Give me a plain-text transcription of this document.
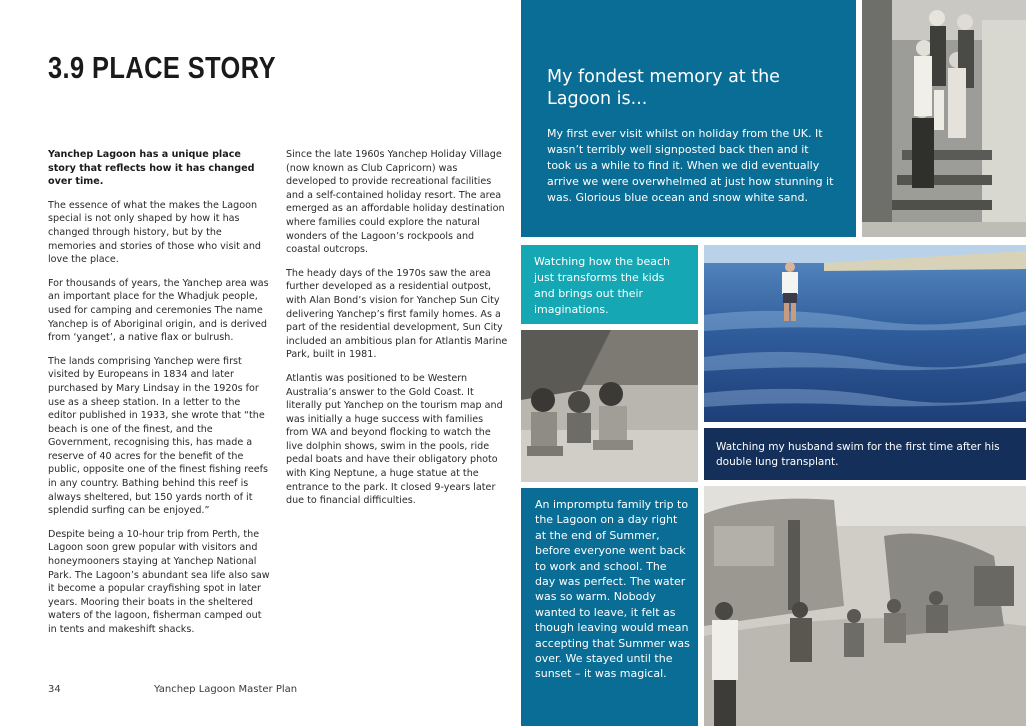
3.9 PLACE STORY

Yanchep Lagoon has a unique place story that reflects how it has changed over time.

The essence of what the makes the Lagoon special is not only shaped by how it has changed through history, but by the memories and stories of those who visit and love the place.

For thousands of years, the Yanchep area was an important place for the Whadjuk people, used for camping and ceremonies The name Yanchep is of Aboriginal origin, and is derived from ‘yanget’, a native flax or bulrush.

The lands comprising Yanchep were first visited by Europeans in 1834 and later purchased by Mary Lindsay in the 1920s for use as a sheep station. In a letter to the editor published in 1933, she wrote that “the beach is one of the finest, and the Government, recognising this, has made a reserve of 40 acres for the benefit of the public, opposite one of the finest fishing reefs in any country. Bathing behind this reef is always sheltered, but 150 yards north of it splendid surfing can be enjoyed.”

Despite being a 10-hour trip from Perth, the Lagoon soon grew popular with visitors and honeymooners staying at Yanchep National Park. The Lagoon’s abundant sea life also saw it become a popular crayfishing spot in later years. Mooring their boats in the sheltered waters of the lagoon, fisherman camped out in tents and makeshift shacks.

Since the late 1960s Yanchep Holiday Village (now known as Club Capricorn) was developed to provide recreational facilities and a self-contained holiday resort. The area emerged as an affordable holiday destination where families could explore the natural wonders of the Lagoon’s rockpools and coastal outcrops.

The heady days of the 1970s saw the area further developed as a residential outpost, with Alan Bond’s vision for Yanchep Sun City delivering Yanchep’s first family homes. As a part of the residential development, Sun City included an ambitious plan for Atlantis Marine Park, built in 1981.

Atlantis was positioned to be Western Australia’s answer to the Gold Coast. It literally put Yanchep on the tourism map and was initially a huge success with families from WA and beyond flocking to watch the live dolphin shows, swim in the pools, ride pedal boats and have their obligatory photo with King Neptune, a huge statue at the entrance to the park. It closed 9-years later due to financial difficulties.

34	Yanchep Lagoon Master Plan
My fondest memory at the Lagoon is...

My first ever visit whilst on holiday from the UK. It wasn’t terribly well signposted back then and it took us a while to find it. When we did eventually arrive we were overwhelmed at just how stunning it was. Glorious blue ocean and snow white sand.

Watching how the beach just transforms the kids and brings out their imaginations.

Watching my husband swim for the first time after his double lung transplant.

An impromptu family trip to the Lagoon on a day right at the end of Summer, before everyone went back to work and school. The day was perfect. The water was so warm. Nobody wanted to leave, it felt as though leaving would mean accepting that Summer was over. We stayed until the sunset – it was magical.
